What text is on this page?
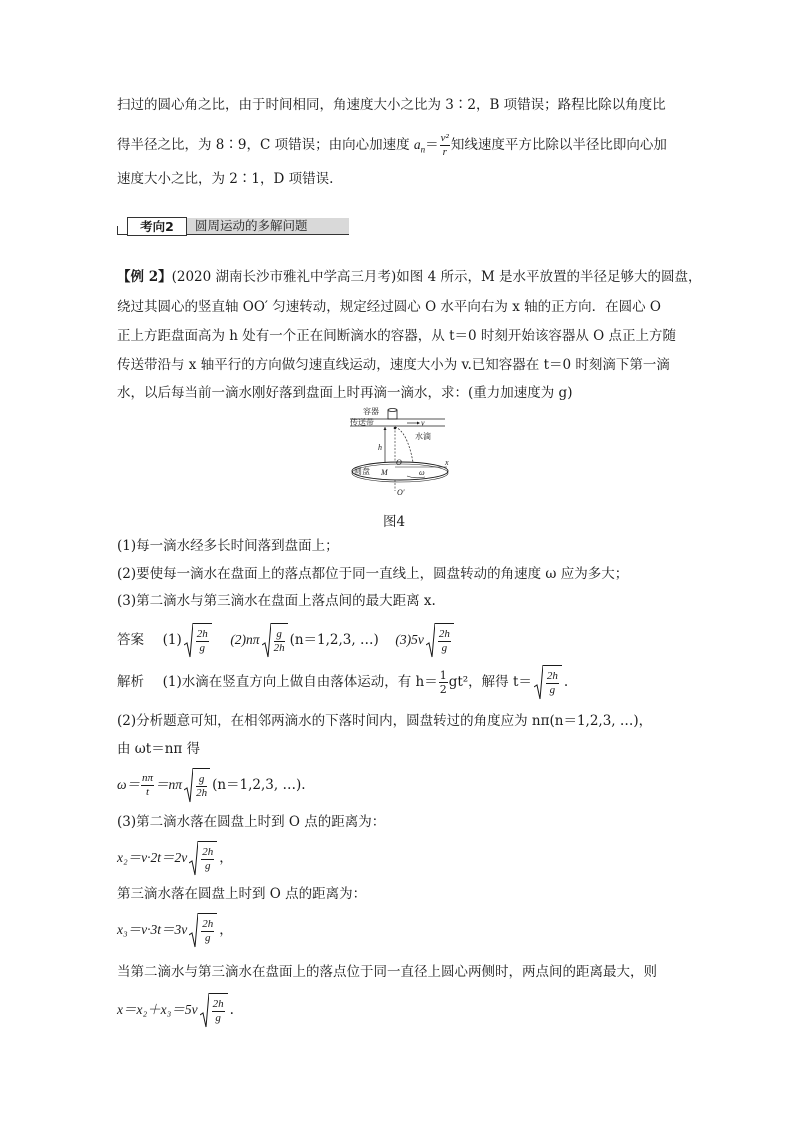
扫过的圆心角之比，由于时间相同，角速度大小之比为 3∶2，B 项错误；路程比除以角度比
得半径之比，为 8∶9，C 项错误；由向心加速度 $a_n= \frac{\text{v²}}{r}$ 知线速度平方比除以半径比即向心加
速度大小之比，为 2∶1，D 项错误.
考向2	圆周运动的多解问题
【例 2】(2020 湖南长沙市雅礼中学高三月考)如图 4 所示，M 是水平放置的半径足够大的圆盘，
绕过其圆心的竖直轴 OO′ 匀速转动，规定经过圆心 O 水平向右为 x 轴的正方向．在圆心 O
正上方距盘面高为 h 处有一个正在间断滴水的容器，从 t＝0 时刻开始该容器从 O 点正上方随
传送带沿与 x 轴平行的方向做匀速直线运动，速度大小为 v.已知容器在 t＝0 时刻滴下第一滴
水，以后每当前一滴水刚好落到盘面上时再滴一滴水，求：(重力加速度为 g)
容器
传送带	v
h
水滴
x
O
圆盘 M	ω
O′
图4
(1)每一滴水经多长时间落到盘面上；
(2)要使每一滴水在盘面上的落点都位于同一直线上，圆盘转动的角速度 ω 应为多大；
(3)第二滴水与第三滴水在盘面上落点间的最大距离 x.
答案 $(1) \frac{2h}{g} (2)n\pi \frac{g}{2h} (n=1,2,3$, …) $(3)5v \frac{2h}{g}$
解析 (1)水滴在竖直方向上做自由落体运动，有 $h= \frac{1}{2} gt^2$，解得 $t= \frac{2h}{g}$ .
(2)分析题意可知，在相邻两滴水的下落时间内，圆盘转过的角度应为 nπ(n＝1,2,3, …)，
由 ωt＝nπ 得
$\omega= \frac{n\pi}{t} =n\pi \frac{g}{2h} (n=1,2,3$, …).
(3)第二滴水落在圆盘上时到 O 点的距离为：
$x_2=v\cdot 2t=2v \frac{2h}{g}$ ，
第三滴水落在圆盘上时到 O 点的距离为：
$x_3=v\cdot 3t=3v \frac{2h}{g}$ ，
当第二滴水与第三滴水在盘面上的落点位于同一直径上圆心两侧时，两点间的距离最大，则
$x=x_2+x_3=5v \frac{2h}{g}$ .
